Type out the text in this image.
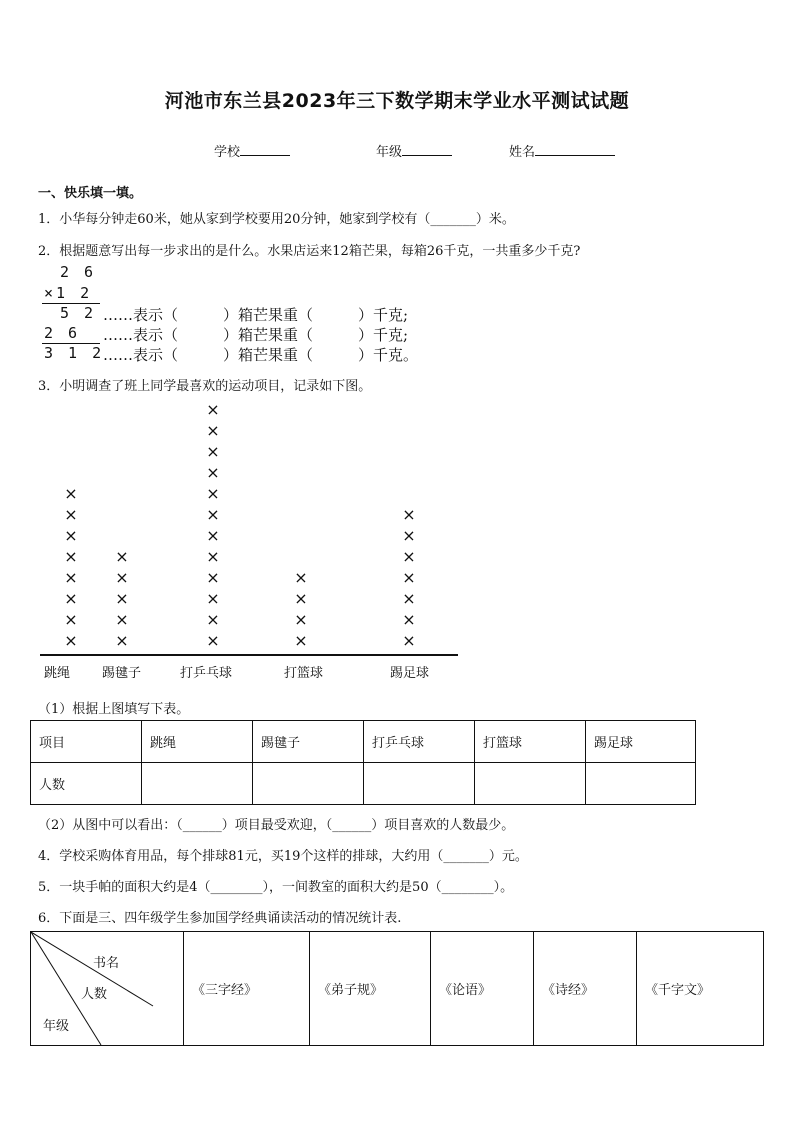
河池市东兰县2023年三下数学期末学业水平测试试题
学校	年级	姓名
一、快乐填一填。
1．小华每分钟走60米，她从家到学校要用20分钟，她家到学校有（_______）米。
2．根据题意写出每一步求出的是什么。水果店运来12箱芒果，每箱26千克，一共重多少千克?
2 6
×1 2
5 2 ……表示（　　　）箱芒果重（　　　）千克;
2 6 ……表示（　　　）箱芒果重（　　　）千克;
3 1 2
……表示（　　　）箱芒果重（　　　）千克。
3．小明调查了班上同学最喜欢的运动项目，记录如下图。
跳绳 踢毽子	打乒乓球	打篮球	踢足球
×
×
×
×
×
×
×
×
×
×
×
×
×
×
×
×
×
×
×
×
×
×
×
×
×
×
×
×
×
×
×
×
×
×
×
×
（1）根据上图填写下表。
项目	跳绳	踢毽子	打乒乓球	打篮球	踢足球
人数					
（2）从图中可以看出：（______）项目最受欢迎，（______）项目喜欢的人数最少。
4．学校采购体育用品，每个排球81元，买19个这样的排球，大约用（_______）元。
5．一块手帕的面积大约是4（________），一间教室的面积大约是50（________）。
6．下面是三、四年级学生参加国学经典诵读活动的情况统计表.
书名
人数
年级
	《三字经》	《弟子规》	《论语》	《诗经》	《千字文》
